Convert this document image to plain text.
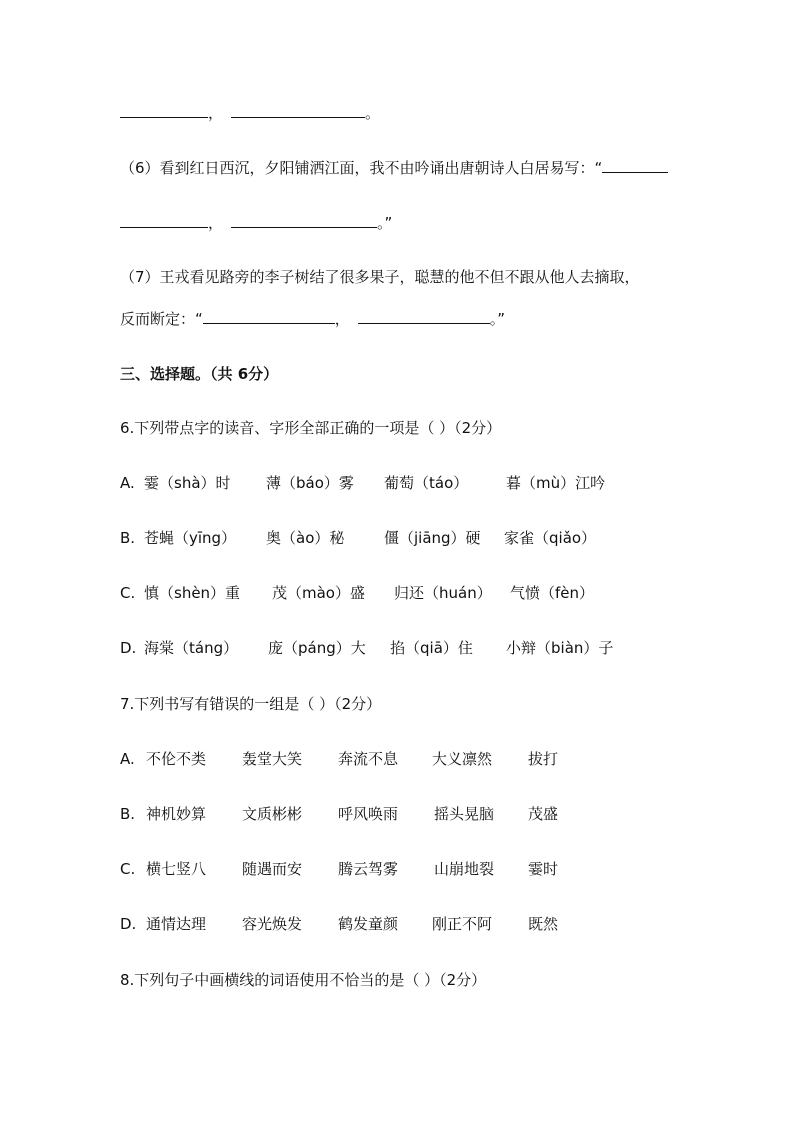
，	。
（6）看到红日西沉，夕阳铺洒江面，我不由吟诵出唐朝诗人白居易写：“
，	。”
（7）王戎看见路旁的李子树结了很多果子，聪慧的他不但不跟从他人去摘取，
反而断定：“	，	。”
三、选择题。（共 6分）
6.下列带点字的读音、字形全部正确的一项是（ ）（2分）
A. 霎（shà）时 薄（báo）雾 葡萄（táo）	暮（mù）江吟
B. 苍蝇（yīng） 奥（ào）秘	僵（jiāng）硬 家雀（qiǎo）
C. 慎（shèn）重 茂（mào）盛 归还（huán） 气愤（fèn）
D. 海棠（táng） 庞（páng）大 掐（qiā）住 小辩（biàn）子
7.下列书写有错误的一组是（ ）（2分）
A. 不伦不类 轰堂大笑 奔流不息 大义凛然 拔打
B. 神机妙算 文质彬彬 呼风唤雨 摇头晃脑 茂盛
C. 横七竖八 随遇而安 腾云驾雾 山崩地裂 霎时
D. 通情达理 容光焕发 鹤发童颜 刚正不阿 既然
8.下列句子中画横线的词语使用不恰当的是（ ）（2分）
